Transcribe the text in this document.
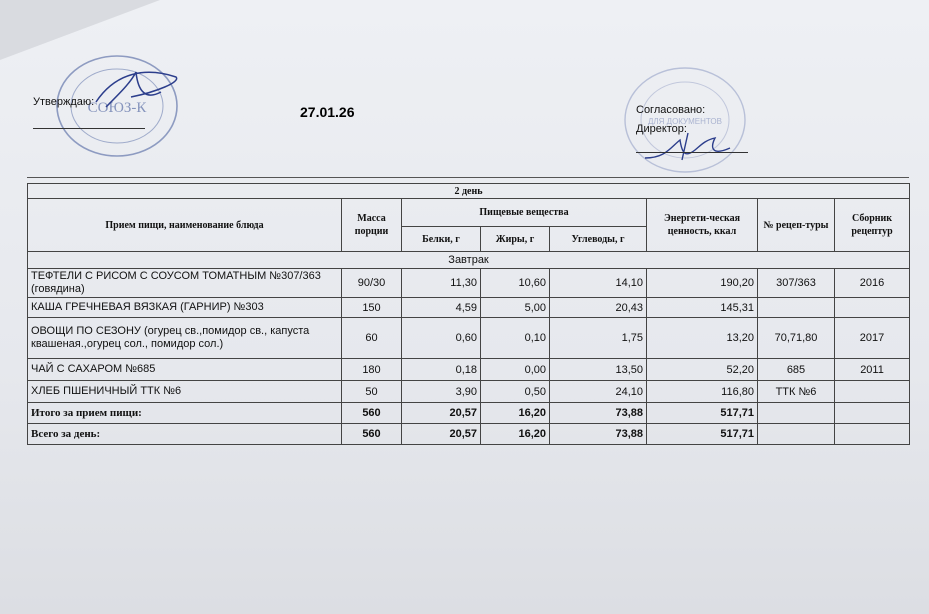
СОЮЗ-К
ДЛЯ ДОКУМЕНТОВ
Утверждаю:
27.01.26	Согласовано:
Директор:
2 день							
Прием пищи, наименование блюда	Масса порции	Пищевые вещества			Энергети-ческая ценность, ккал	№ рецеп-туры	Сборник рецептур
		Белки, г	Жиры, г	Углеводы, г			
Завтрак							
ТЕФТЕЛИ С РИСОМ С СОУСОМ ТОМАТНЫМ №307/363 (говядина)	90/30	11,30	10,60	14,10	190,20	307/363	2016
КАША ГРЕЧНЕВАЯ ВЯЗКАЯ (ГАРНИР) №303	150	4,59	5,00	20,43	145,31		
ОВОЩИ ПО СЕЗОНУ (огурец св.,помидор св., капуста квашеная.,огурец сол., помидор сол.)	60	0,60	0,10	1,75	13,20	70,71,80	2017
ЧАЙ С САХАРОМ №685	180	0,18	0,00	13,50	52,20	685	2011
ХЛЕБ ПШЕНИЧНЫЙ ТТК №6	50	3,90	0,50	24,10	116,80	ТТК №6	
Итого за прием пищи:	560	20,57	16,20	73,88	517,71		
Всего за день:	560	20,57	16,20	73,88	517,71		
